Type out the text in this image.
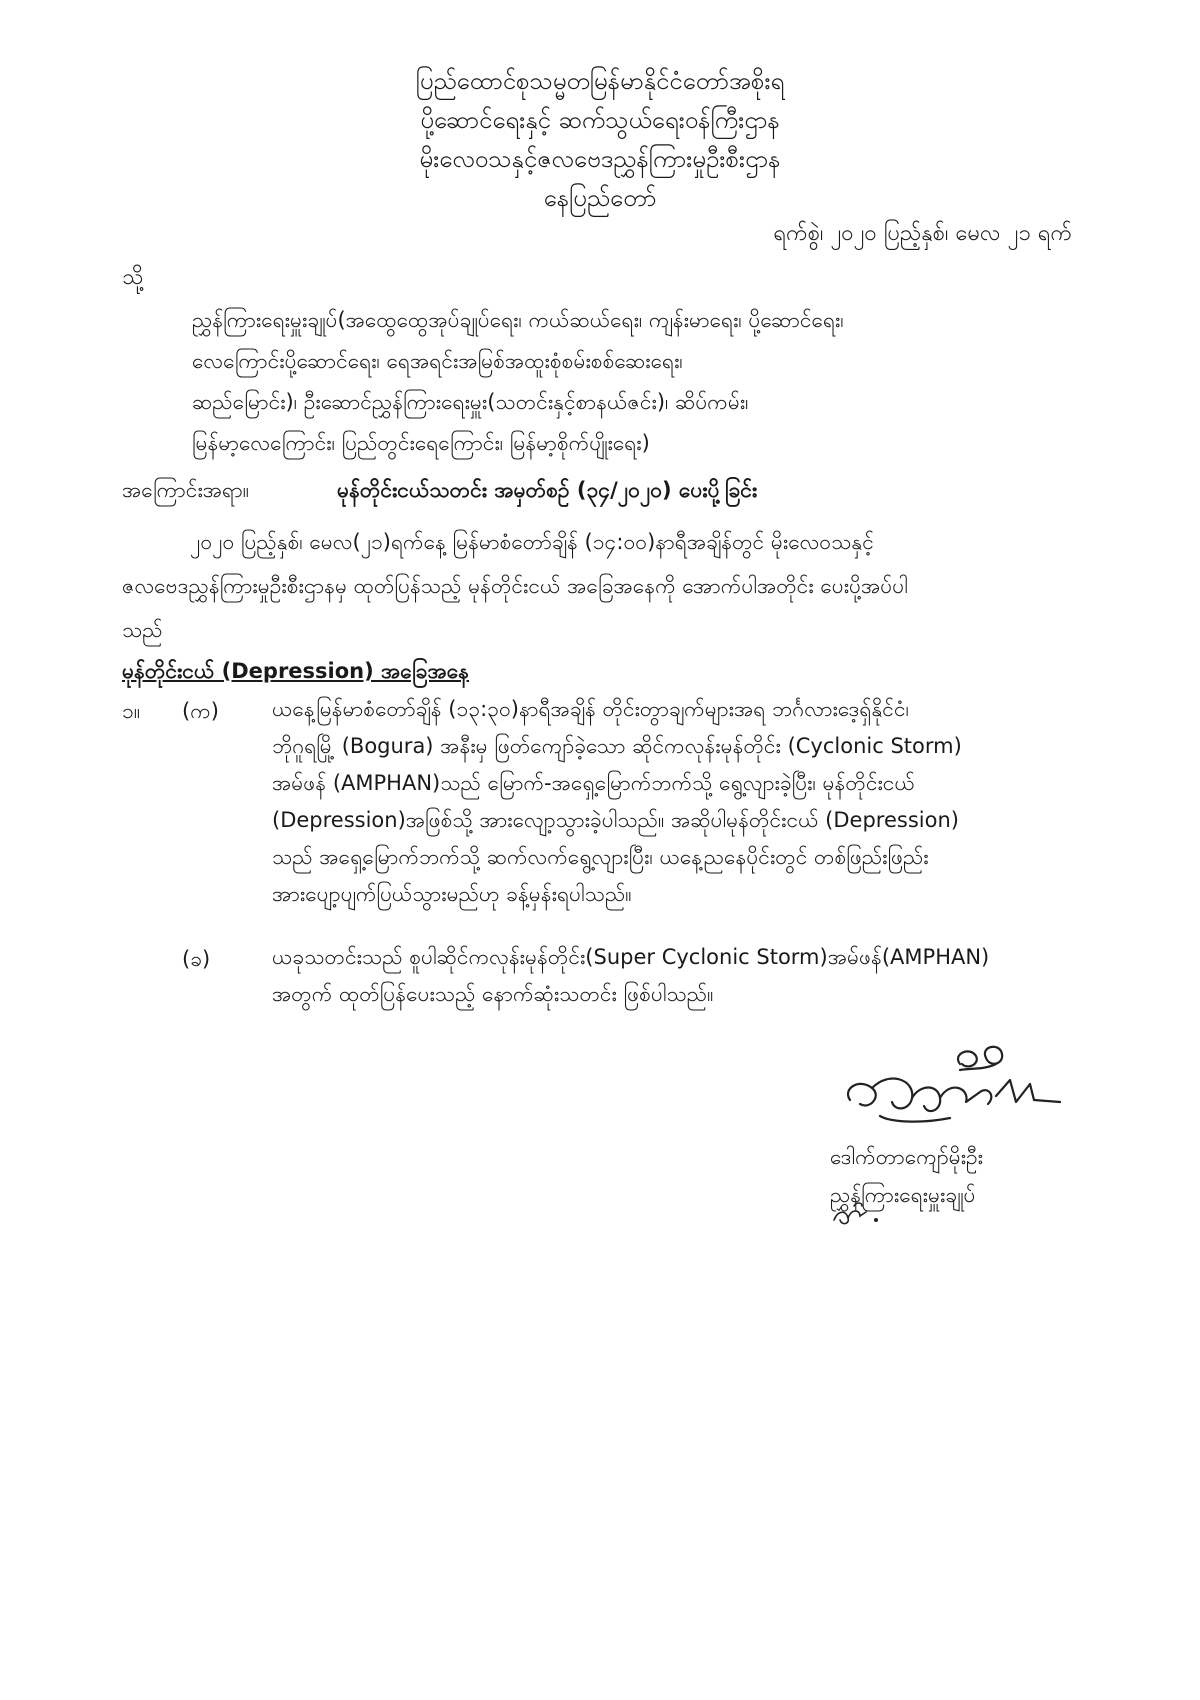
ပြည်ထောင်စုသမ္မတမြန်မာနိုင်ငံတော်အစိုးရ
ပို့ဆောင်ရေးနှင့် ဆက်သွယ်ရေးဝန်ကြီးဌာန
မိုးလေဝသနှင့်ဇလဗေဒညွှန်ကြားမှုဦးစီးဌာန
နေပြည်တော်
ရက်စွဲ၊ ၂၀၂၀ ပြည့်နှစ်၊ မေလ ၂၁ ရက်
သို့
ညွှန်ကြားရေးမှူးချုပ်(အထွေထွေအုပ်ချုပ်ရေး၊ ကယ်ဆယ်ရေး၊ ကျန်းမာရေး၊ ပို့ဆောင်ရေး၊
လေကြောင်းပို့ဆောင်ရေး၊ ရေအရင်းအမြစ်အထူးစုံစမ်းစစ်ဆေးရေး၊
ဆည်မြောင်း)၊ ဦးဆောင်ညွှန်ကြားရေးမှူး(သတင်းနှင့်စာနယ်ဇင်း)၊ ဆိပ်ကမ်း၊
မြန်မာ့လေကြောင်း၊ ပြည်တွင်းရေကြောင်း၊ မြန်မာ့စိုက်ပျိုးရေး)
အကြောင်းအရာ။	မုန်တိုင်းငယ်သတင်း အမှတ်စဉ် (၃၄/၂၀၂၀) ပေးပို့ခြင်း
၂၀၂၀ ပြည့်နှစ်၊ မေလ(၂၁)ရက်နေ့ မြန်မာစံတော်ချိန် (၁၄:၀၀)နာရီအချိန်တွင် မိုးလေဝသနှင့်
ဇလဗေဒညွှန်ကြားမှုဦးစီးဌာနမှ ထုတ်ပြန်သည့် မုန်တိုင်းငယ် အခြေအနေကို အောက်ပါအတိုင်း ပေးပို့အပ်ပါ
သည်
မုန်တိုင်းငယ် (Depression) အခြေအနေ
၁။ (က)	ယနေ့မြန်မာစံတော်ချိန် (၁၃:၃၀)နာရီအချိန် တိုင်းတွာချက်များအရ ဘင်္ဂလားဒေ့ရှ်နိုင်ငံ၊
ဘိုဂူရမြို့ (Bogura) အနီးမှ ဖြတ်ကျော်ခဲ့သော ဆိုင်ကလုန်းမုန်တိုင်း (Cyclonic Storm)
အမ်ဖန် (AMPHAN)သည် မြောက်-အရှေ့မြောက်ဘက်သို့ ရွေ့လျားခဲ့ပြီး၊ မုန်တိုင်းငယ်
(Depression)အဖြစ်သို့ အားလျော့သွားခဲ့ပါသည်။ အဆိုပါမုန်တိုင်းငယ် (Depression)
သည် အရှေ့မြောက်ဘက်သို့ ဆက်လက်ရွေ့လျားပြီး၊ ယနေ့ညနေပိုင်းတွင် တစ်ဖြည်းဖြည်း
အားပျော့ပျက်ပြယ်သွားမည်ဟု ခန့်မှန်းရပါသည်။
(ခ)	ယခုသတင်းသည် စူပါဆိုင်ကလုန်းမုန်တိုင်း(Super Cyclonic Storm)အမ်ဖန်(AMPHAN)
အတွက် ထုတ်ပြန်ပေးသည့် နောက်ဆုံးသတင်း ဖြစ်ပါသည်။
ဒေါက်တာကျော်မိုးဦး
ညွှန်ကြားရေးမှူးချုပ်
